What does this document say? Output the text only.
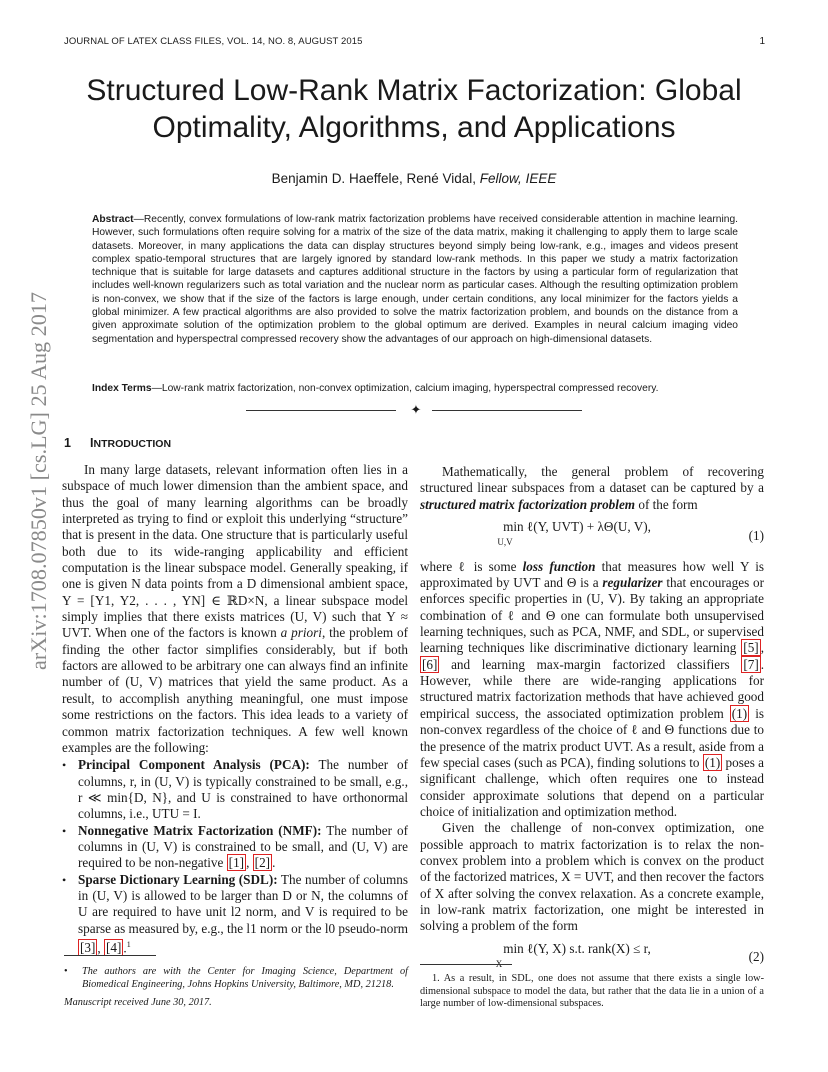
JOURNAL OF LATEX CLASS FILES, VOL. 14, NO. 8, AUGUST 2015	1
Structured Low-Rank Matrix Factorization: Global Optimality, Algorithms, and Applications
Benjamin D. Haeffele, René Vidal, Fellow, IEEE
Abstract—Recently, convex formulations of low-rank matrix factorization problems have received considerable attention in machine learning. However, such formulations often require solving for a matrix of the size of the data matrix, making it challenging to apply them to large scale datasets. Moreover, in many applications the data can display structures beyond simply being low-rank, e.g., images and videos present complex spatio-temporal structures that are largely ignored by standard low-rank methods. In this paper we study a matrix factorization technique that is suitable for large datasets and captures additional structure in the factors by using a particular form of regularization that includes well-known regularizers such as total variation and the nuclear norm as particular cases. Although the resulting optimization problem is non-convex, we show that if the size of the factors is large enough, under certain conditions, any local minimizer for the factors yields a global minimizer. A few practical algorithms are also provided to solve the matrix factorization problem, and bounds on the distance from a given approximate solution of the optimization problem to the global optimum are derived. Examples in neural calcium imaging video segmentation and hyperspectral compressed recovery show the advantages of our approach on high-dimensional datasets.
Index Terms—Low-rank matrix factorization, non-convex optimization, calcium imaging, hyperspectral compressed recovery.
✦
arXiv:1708.07850v1 [cs.LG] 25 Aug 2017 1 INTRODUCTION

In many large datasets, relevant information often lies in a subspace of much lower dimension than the ambient space, and thus the goal of many learning algorithms can be broadly interpreted as trying to find or exploit this underlying “structure” that is present in the data. One structure that is particularly useful both due to its wide-ranging applicability and efficient computation is the linear subspace model. Generally speaking, if one is given N data points from a D dimensional ambient space, Y = [Y1, Y2, . . . , YN] ∈ ℝD×N, a linear subspace model simply implies that there exists matrices (U, V) such that Y ≈ UVT. When one of the factors is known a priori, the problem of finding the other factor simplifies considerably, but if both factors are allowed to be arbitrary one can always find an infinite number of (U, V) matrices that yield the same product. As a result, to accomplish anything meaningful, one must impose some restrictions on the factors. This idea leads to a variety of common matrix factorization techniques. A few well known examples are the following:

• Principal Component Analysis (PCA): The number of columns, r, in (U, V) is typically constrained to be small, e.g., r ≪ min{D, N}, and U is constrained to have orthonormal columns, i.e., UTU = I.
• Nonnegative Matrix Factorization (NMF): The number of columns in (U, V) is constrained to be small, and (U, V) are required to be non-negative [1] , [2] .
• Sparse Dictionary Learning (SDL): The number of columns in (U, V) is allowed to be larger than D or N, the columns of U are required to have unit l2 norm, and V is required to be sparse as measured by, e.g., the l1 norm or the l0 pseudo-norm [3] , [4] .$^1$

Mathematically, the general problem of recovering structured linear subspaces from a dataset can be captured by a structured matrix factorization problem of the form

min ℓ(Y, UVT) + λΘ(U, V),
U,V	(1)

where ℓ is some loss function that measures how well Y is approximated by UVT and Θ is a regularizer that encourages or enforces specific properties in (U, V). By taking an appropriate combination of ℓ and Θ one can formulate both unsupervised learning techniques, such as PCA, NMF, and SDL, or supervised learning techniques like discriminative dictionary learning [5] , [6] and learning max-margin factorized classifiers [7] . However, while there are wide-ranging applications for structured matrix factorization methods that have achieved good empirical success, the associated optimization problem (1) is non-convex regardless of the choice of ℓ and Θ functions due to the presence of the matrix product UVT. As a result, aside from a few special cases (such as PCA), finding solutions to (1) poses a significant challenge, which often requires one to instead consider approximate solutions that depend on a particular choice of initialization and optimization method.

Given the challenge of non-convex optimization, one possible approach to matrix factorization is to relax the non-convex problem into a problem which is convex on the product of the factorized matrices, X = UVT, and then recover the factors of X after solving the convex relaxation. As a concrete example, in low-rank matrix factorization, one might be interested in solving a problem of the form

min ℓ(Y, X) s.t. rank(X) ≤ r,
X	(2)
• The authors are with the Center for Imaging Science, Department of Biomedical Engineering, Johns Hopkins University, Baltimore, MD, 21218.
Manuscript received June 30, 2017.
1. As a result, in SDL, one does not assume that there exists a single low-dimensional subspace to model the data, but rather that the data lie in a union of a large number of low-dimensional subspaces.
